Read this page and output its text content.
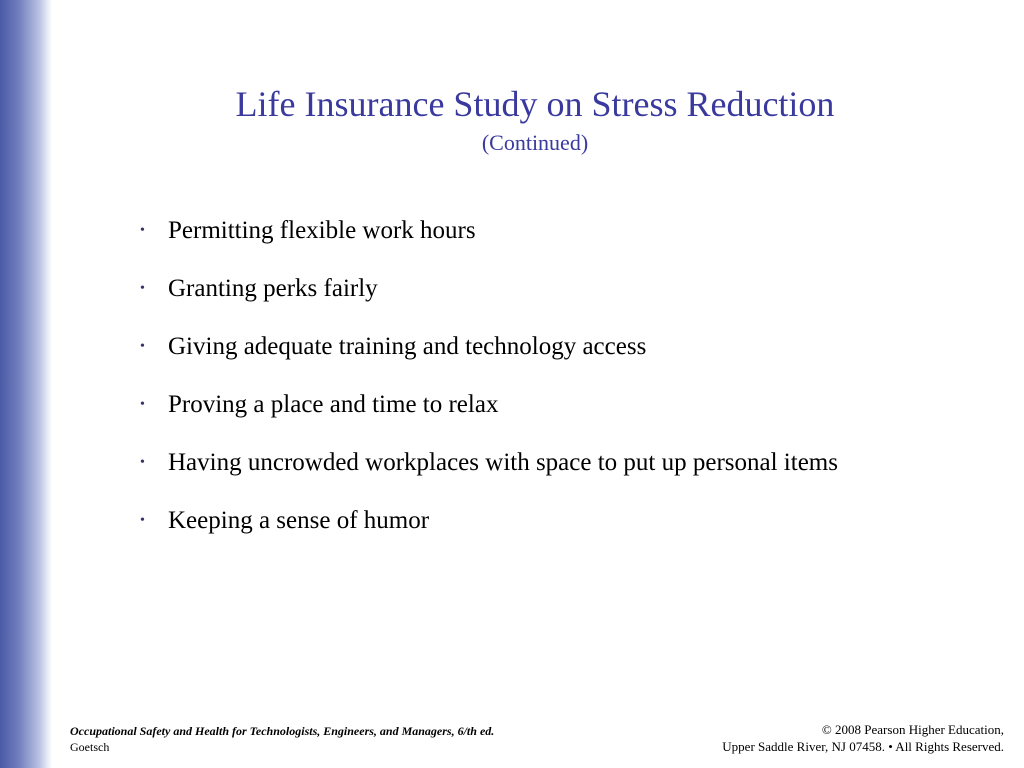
Life Insurance Study on Stress Reduction
(Continued)
• Permitting flexible work hours
• Granting perks fairly
• Giving adequate training and technology access
• Proving a place and time to relax
• Having uncrowded workplaces with space to put up personal items
• Keeping a sense of humor
Occupational Safety and Health for Technologists, Engineers, and Managers, 6/th ed.
Goetsch
© 2008 Pearson Higher Education,
Upper Saddle River, NJ 07458. • All Rights Reserved.
